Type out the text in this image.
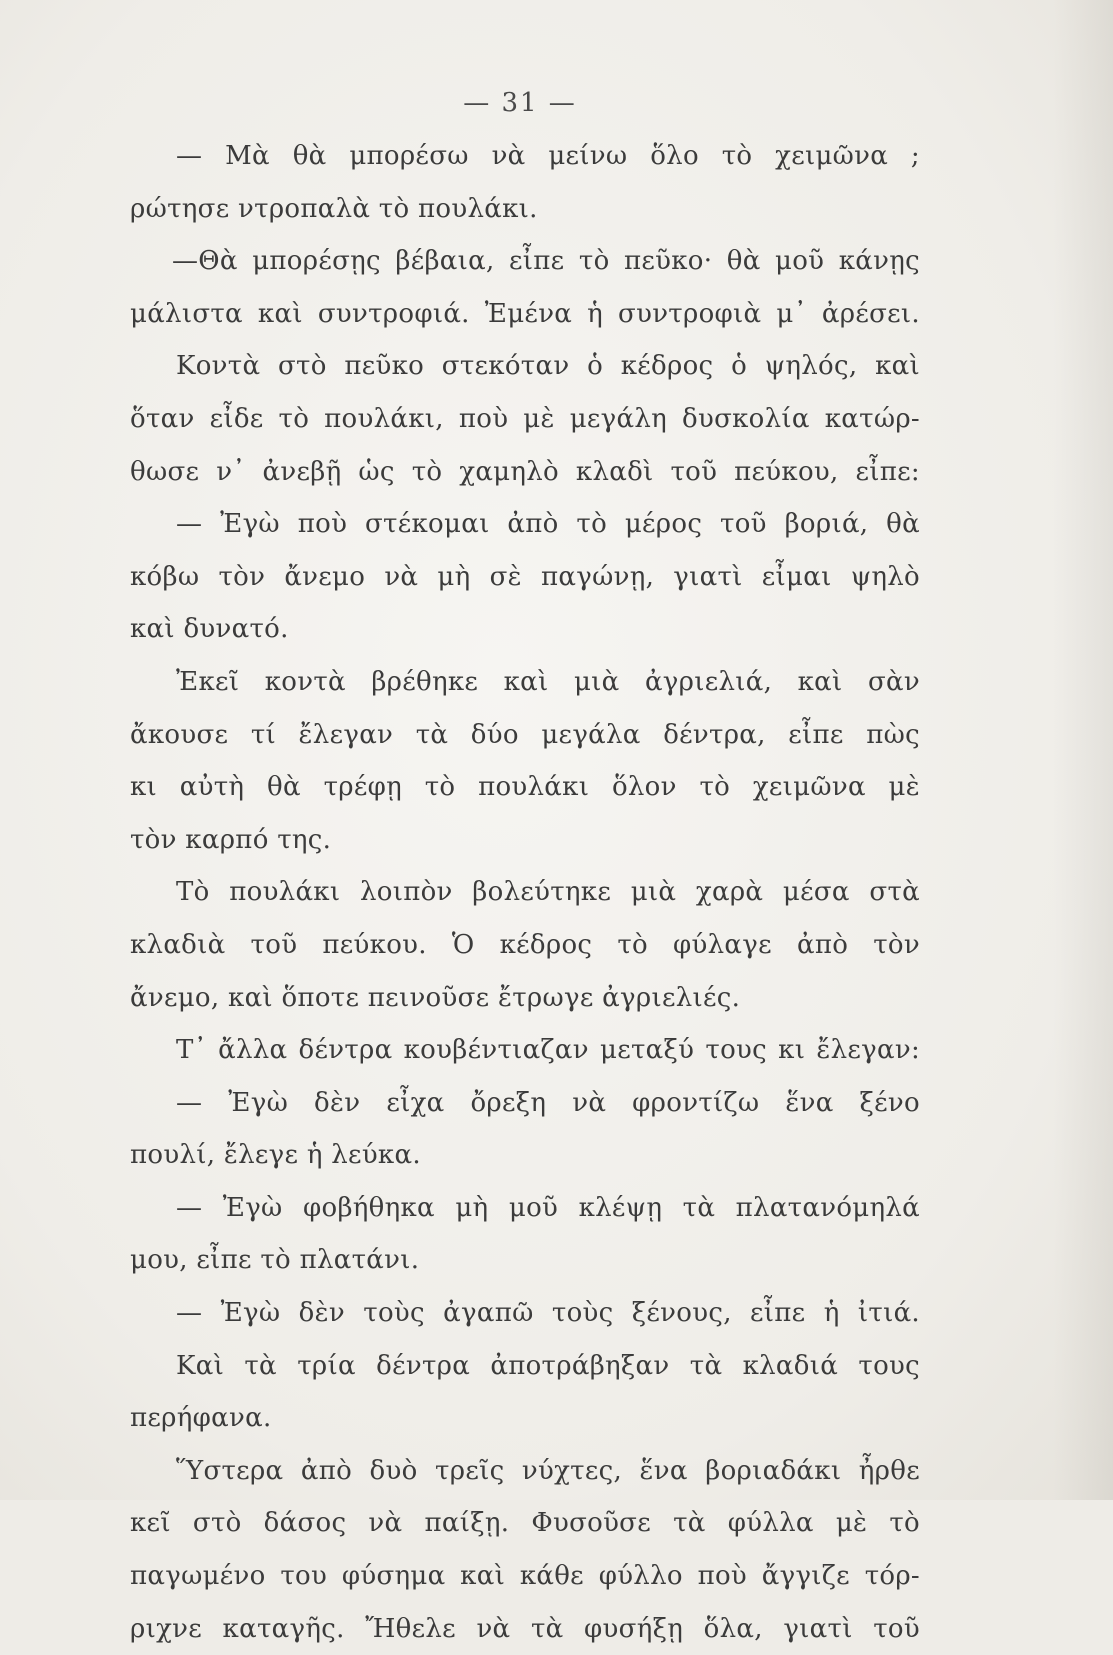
— 31 —
— Μὰ θὰ μπορέσω νὰ μείνω ὅλο τὸ χειμῶνα ;
ρώτησε ντροπαλὰ τὸ πουλάκι.
—Θὰ μπορέσῃς βέβαια, εἶπε τὸ πεῦκο· θὰ μοῦ κάνῃς
μάλιστα καὶ συντροφιά. Ἐμένα ἡ συντροφιὰ μ᾽ ἀρέσει.
Κοντὰ στὸ πεῦκο στεκόταν ὁ κέδρος ὁ ψηλός, καὶ
ὅταν εἶδε τὸ πουλάκι, ποὺ μὲ μεγάλη δυσκολία κατώρ-
θωσε ν᾽ ἀνεβῇ ὡς τὸ χαμηλὸ κλαδὶ τοῦ πεύκου, εἶπε:
— Ἐγὼ ποὺ στέκομαι ἀπὸ τὸ μέρος τοῦ βοριά, θὰ
κόβω τὸν ἄνεμο νὰ μὴ σὲ παγώνῃ, γιατὶ εἶμαι ψηλὸ
καὶ δυνατό.
Ἐκεῖ κοντὰ βρέθηκε καὶ μιὰ ἀγριελιά, καὶ σὰν
ἄκουσε τί ἔλεγαν τὰ δύο μεγάλα δέντρα, εἶπε πὼς
κι αὐτὴ θὰ τρέφῃ τὸ πουλάκι ὅλον τὸ χειμῶνα μὲ
τὸν καρπό της.
Τὸ πουλάκι λοιπὸν βολεύτηκε μιὰ χαρὰ μέσα στὰ
κλαδιὰ τοῦ πεύκου. Ὁ κέδρος τὸ φύλαγε ἀπὸ τὸν
ἄνεμο, καὶ ὅποτε πεινοῦσε ἔτρωγε ἀγριελιές.
Τ᾽ ἄλλα δέντρα κουβέντιαζαν μεταξύ τους κι ἔλεγαν:
— Ἐγὼ δὲν εἶχα ὄρεξη νὰ φροντίζω ἕνα ξένο
πουλί, ἔλεγε ἡ λεύκα.
— Ἐγὼ φοβήθηκα μὴ μοῦ κλέψῃ τὰ πλατανόμηλά
μου, εἶπε τὸ πλατάνι.
— Ἐγὼ δὲν τοὺς ἀγαπῶ τοὺς ξένους, εἶπε ἡ ἰτιά.
Καὶ τὰ τρία δέντρα ἀποτράβηξαν τὰ κλαδιά τους
περήφανα.
Ὕστερα ἀπὸ δυὸ τρεῖς νύχτες, ἕνα βοριαδάκι ἦρθε
κεῖ στὸ δάσος νὰ παίξῃ. Φυσοῦσε τὰ φύλλα μὲ τὸ
παγωμένο του φύσημα καὶ κάθε φύλλο ποὺ ἄγγιζε τόρ-
ριχνε καταγῆς. Ἤθελε νὰ τὰ φυσήξῃ ὅλα, γιατὶ τοῦ
